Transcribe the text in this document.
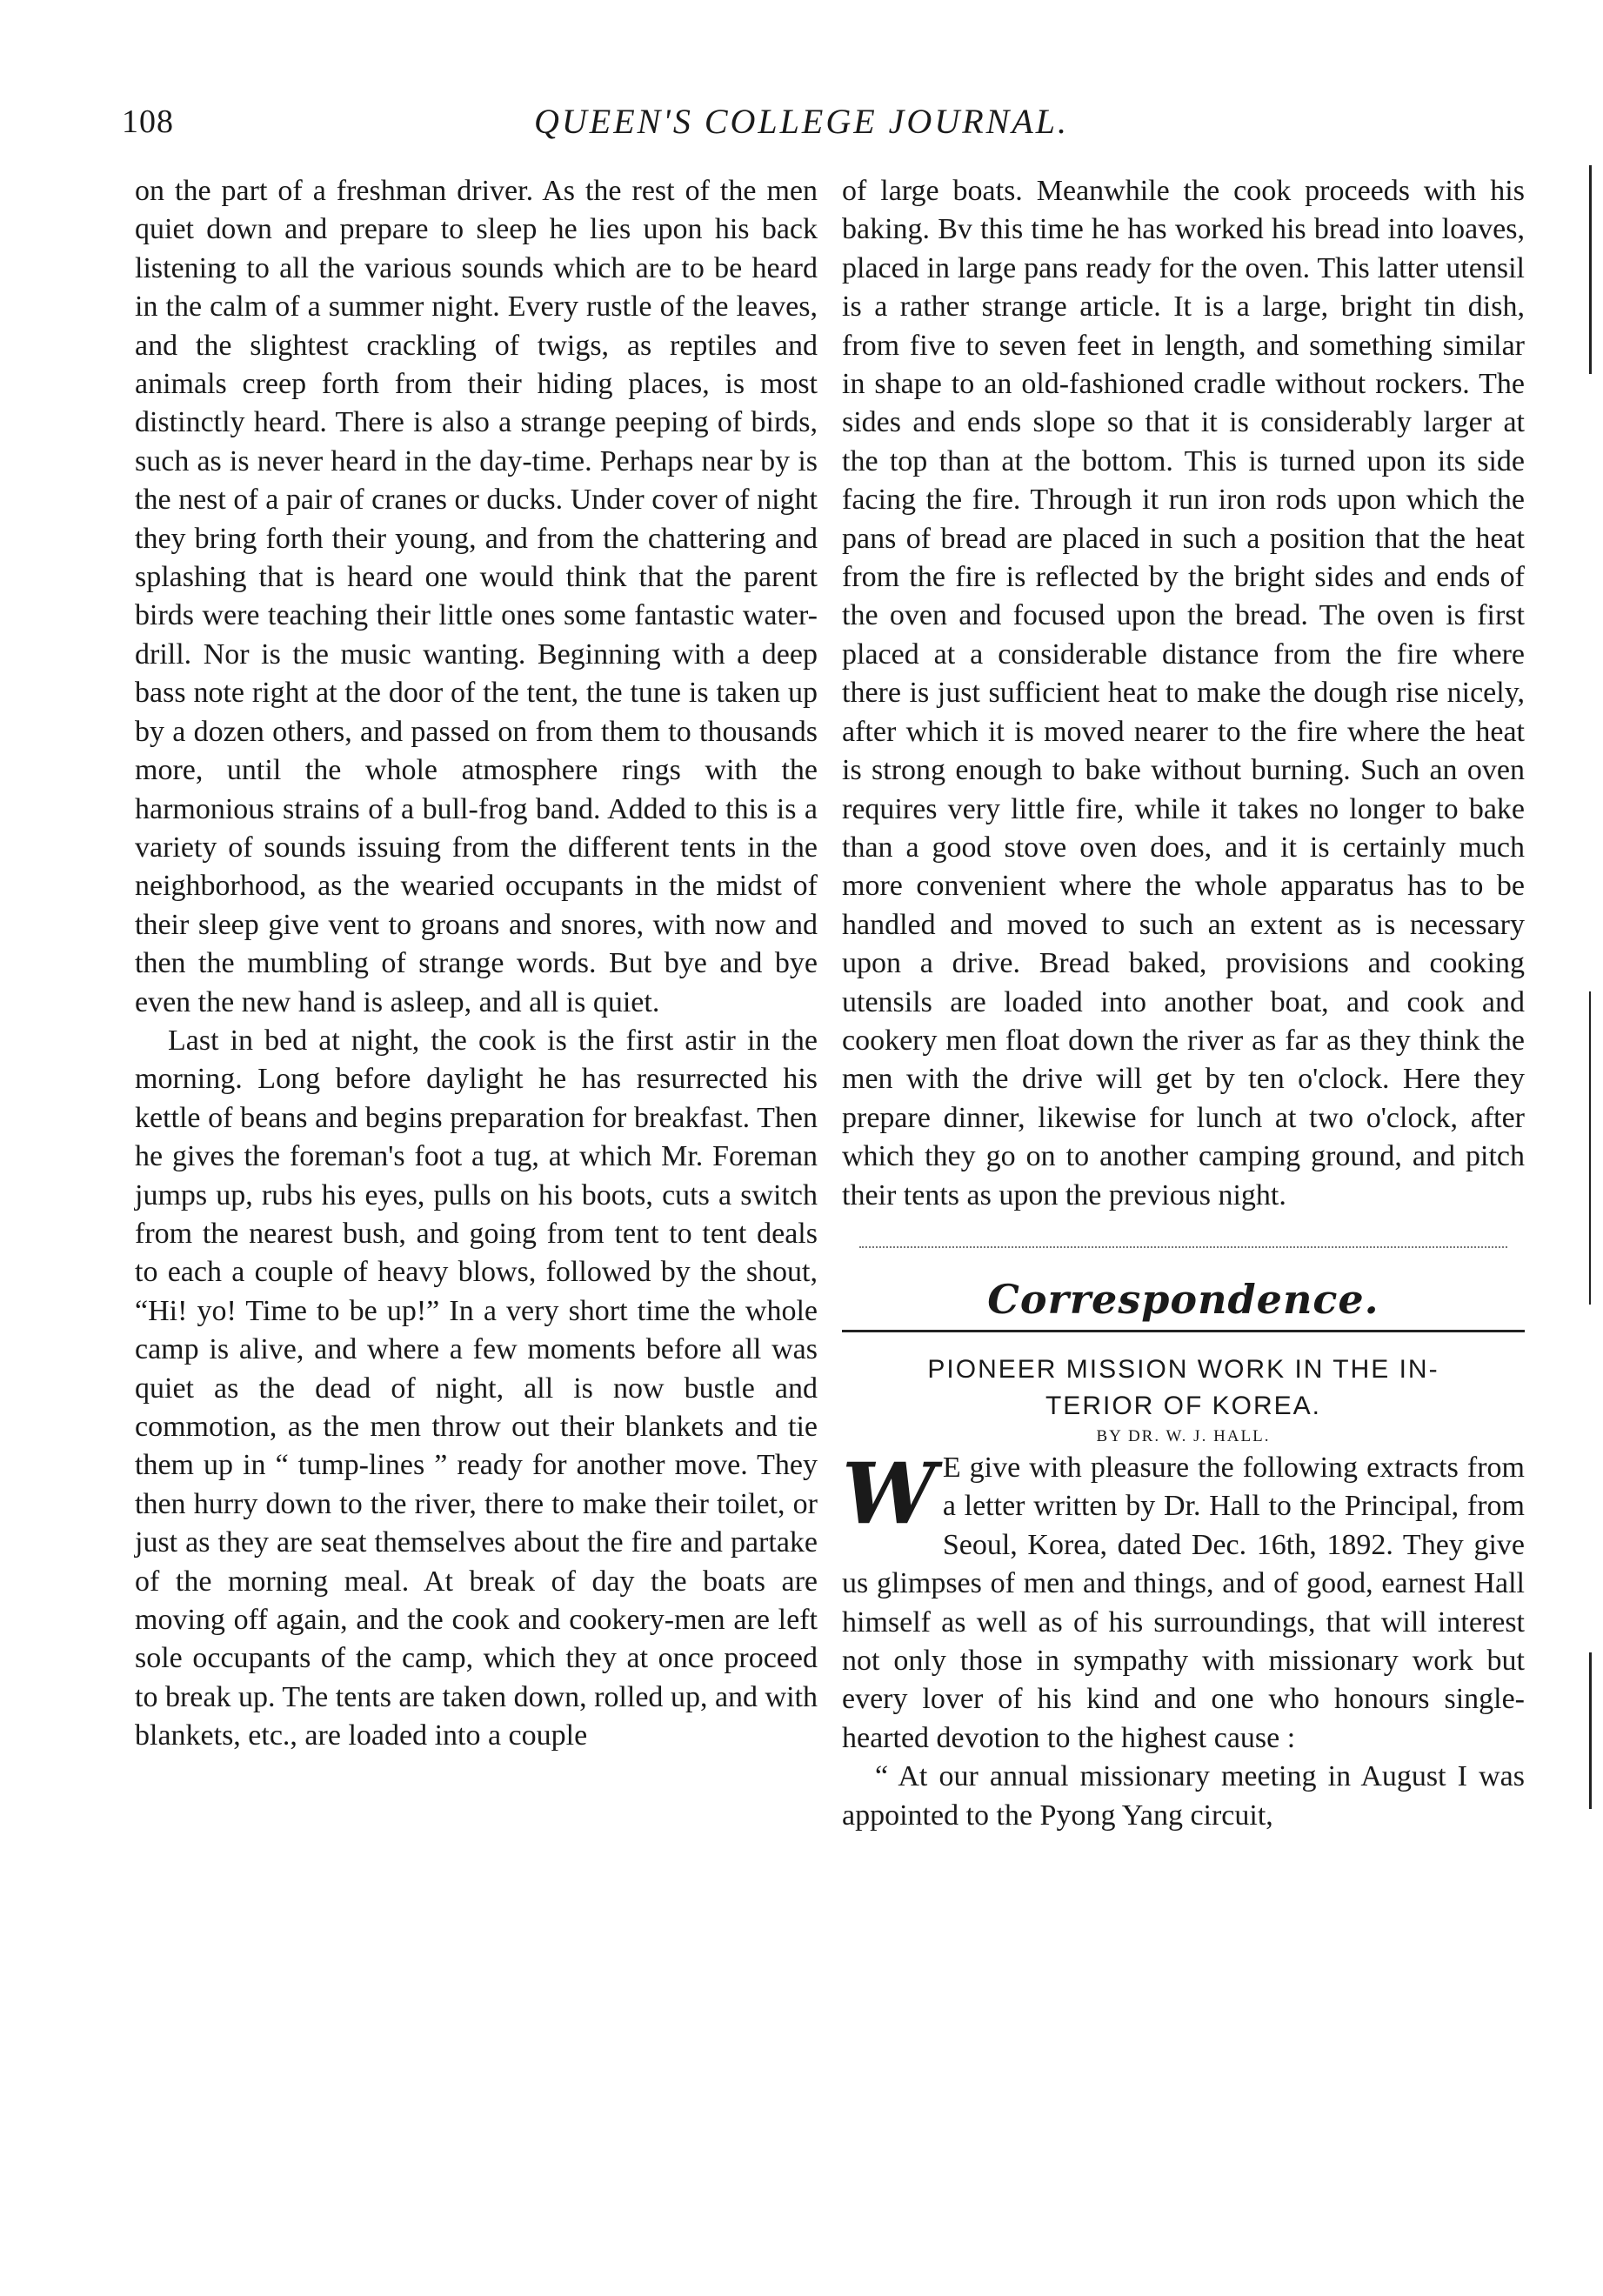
108	QUEEN'S COLLEGE JOURNAL.

on the part of a freshman driver. As the rest of the men quiet down and prepare to sleep he lies upon his back listening to all the various sounds which are to be heard in the calm of a summer night. Every rustle of the leaves, and the slightest crackling of twigs, as reptiles and animals creep forth from their hiding places, is most distinctly heard. There is also a strange peeping of birds, such as is never heard in the day-time. Perhaps near by is the nest of a pair of cranes or ducks. Under cover of night they bring forth their young, and from the chattering and splashing that is heard one would think that the parent birds were teaching their little ones some fantastic water-drill. Nor is the music wanting. Beginning with a deep bass note right at the door of the tent, the tune is taken up by a dozen others, and passed on from them to thousands more, until the whole atmosphere rings with the harmonious strains of a bull-frog band. Added to this is a variety of sounds issuing from the different tents in the neighborhood, as the wearied occupants in the midst of their sleep give vent to groans and snores, with now and then the mumbling of strange words. But bye and bye even the new hand is asleep, and all is quiet.

Last in bed at night, the cook is the first astir in the morning. Long before daylight he has resurrected his kettle of beans and begins preparation for breakfast. Then he gives the foreman's foot a tug, at which Mr. Foreman jumps up, rubs his eyes, pulls on his boots, cuts a switch from the nearest bush, and going from tent to tent deals to each a couple of heavy blows, followed by the shout, “Hi! yo! Time to be up!” In a very short time the whole camp is alive, and where a few moments before all was quiet as the dead of night, all is now bustle and commotion, as the men throw out their blankets and tie them up in “ tump-lines ” ready for another move. They then hurry down to the river, there to make their toilet, or just as they are seat themselves about the fire and partake of the morning meal. At break of day the boats are moving off again, and the cook and cookery-men are left sole occupants of the camp, which they at once proceed to break up. The tents are taken down, rolled up, and with blankets, etc., are loaded into a couple

of large boats. Meanwhile the cook proceeds with his baking. Bv this time he has worked his bread into loaves, placed in large pans ready for the oven. This latter utensil is a rather strange article. It is a large, bright tin dish, from five to seven feet in length, and something similar in shape to an old-fashioned cradle without rockers. The sides and ends slope so that it is considerably larger at the top than at the bottom. This is turned upon its side facing the fire. Through it run iron rods upon which the pans of bread are placed in such a position that the heat from the fire is reflected by the bright sides and ends of the oven and focused upon the bread. The oven is first placed at a considerable distance from the fire where there is just sufficient heat to make the dough rise nicely, after which it is moved nearer to the fire where the heat is strong enough to bake without burning. Such an oven requires very little fire, while it takes no longer to bake than a good stove oven does, and it is certainly much more convenient where the whole apparatus has to be handled and moved to such an extent as is necessary upon a drive. Bread baked, provisions and cooking utensils are loaded into another boat, and cook and cookery men float down the river as far as they think the men with the drive will get by ten o'clock. Here they prepare dinner, likewise for lunch at two o'clock, after which they go on to another camping ground, and pitch their tents as upon the previous night.

Correspondence.

PIONEER MISSION WORK IN THE IN-

TERIOR OF KOREA.

BY DR. W. J. HALL.

W E give with pleasure the following extracts from a letter written by Dr. Hall to the Principal, from Seoul, Korea, dated Dec. 16th, 1892. They give us glimpses of men and things, and of good, earnest Hall himself as well as of his surroundings, that will interest not only those in sympathy with missionary work but every lover of his kind and one who honours single-hearted devotion to the highest cause :

“ At our annual missionary meeting in August I was appointed to the Pyong Yang circuit,
